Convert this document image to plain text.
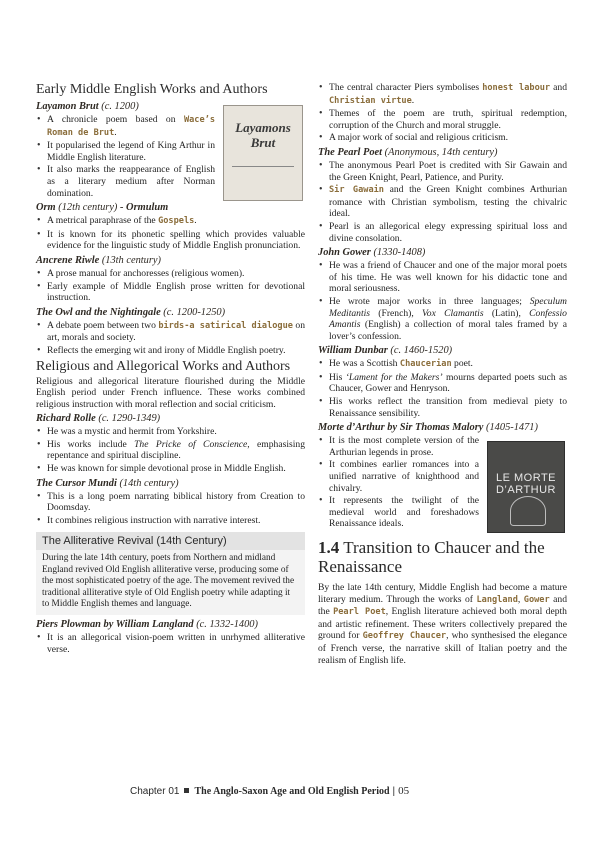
Early Middle English Works and Authors
Layamon Brut (c. 1200)
• A chronicle poem based on Wace’s Roman de Brut.
• It popularised the legend of King Arthur in Middle English literature.
• It also marks the reappearance of English as a literary medium after Norman domination.
Layamons Brut
Orm (12th century) - Ormulum
• A metrical paraphrase of the Gospels.
• It is known for its phonetic spelling which provides valuable evidence for the linguistic study of Middle English pronunciation.
Ancrene Riwle (13th century)
• A prose manual for anchoresses (religious women).
• Early example of Middle English prose written for devotional instruction.
The Owl and the Nightingale (c. 1200-1250)
• A debate poem between two birds-a satirical dialogue on art, morals and society.
• Reflects the emerging wit and irony of Middle English poetry.
Religious and Allegorical Works and Authors

Religious and allegorical literature flourished during the Middle English period under French influence. These works combined religious instruction with moral reflection and social criticism.

Richard Rolle (c. 1290-1349)
• He was a mystic and hermit from Yorkshire.
• His works include The Pricke of Conscience, emphasising repentance and spiritual discipline.
• He was known for simple devotional prose in Middle English.
The Cursor Mundi (14th century)
• This is a long poem narrating biblical history from Creation to Doomsday.
• It combines religious instruction with narrative interest.
The Alliterative Revival (14th Century)
During the late 14th century, poets from Northern and midland England revived Old English alliterative verse, producing some of the most sophisticated poetry of the age. The movement revived the traditional alliterative style of Old English poetry while adapting it to Middle English themes and language.
Piers Plowman by William Langland (c. 1332-1400)
• It is an allegorical vision-poem written in unrhymed alliterative verse.
• The central character Piers symbolises honest labour and Christian virtue.
• Themes of the poem are truth, spiritual redemption, corruption of the Church and moral struggle.
• A major work of social and religious criticism.
The Pearl Poet (Anonymous, 14th century)
• The anonymous Pearl Poet is credited with Sir Gawain and the Green Knight, Pearl, Patience, and Purity.
• Sir Gawain and the Green Knight combines Arthurian romance with Christian symbolism, testing the chivalric ideal.
• Pearl is an allegorical elegy expressing spiritual loss and divine consolation.
John Gower (1330-1408)
• He was a friend of Chaucer and one of the major moral poets of his time. He was well known for his didactic tone and moral seriousness.
• He wrote major works in three languages; Speculum Meditantis (French), Vox Clamantis (Latin), Confessio Amantis (English) a collection of moral tales framed by a lover’s confession.
William Dunbar (c. 1460-1520)
• He was a Scottish Chaucerian poet.
• His ‘Lament for the Makers’ mourns departed poets such as Chaucer, Gower and Henryson.
• His works reflect the transition from medieval piety to Renaissance sensibility.
Morte d’Arthur by Sir Thomas Malory (1405-1471)
• It is the most complete version of the Arthurian legends in prose.
• It combines earlier romances into a unified narrative of knighthood and chivalry.
• It represents the twilight of the medieval world and foreshadows Renaissance ideals.
LE MORTE D’ARTHUR
1.4 Transition to Chaucer and the Renaissance

By the late 14th century, Middle English had become a mature literary medium. Through the works of Langland, Gower and the Pearl Poet, English literature achieved both moral depth and artistic refinement. These writers collectively prepared the ground for Geoffrey Chaucer, who synthesised the elegance of French verse, the narrative skill of Italian poetry and the realism of English life.

Chapter 01 The Anglo-Saxon Age and Old English Period | 05
